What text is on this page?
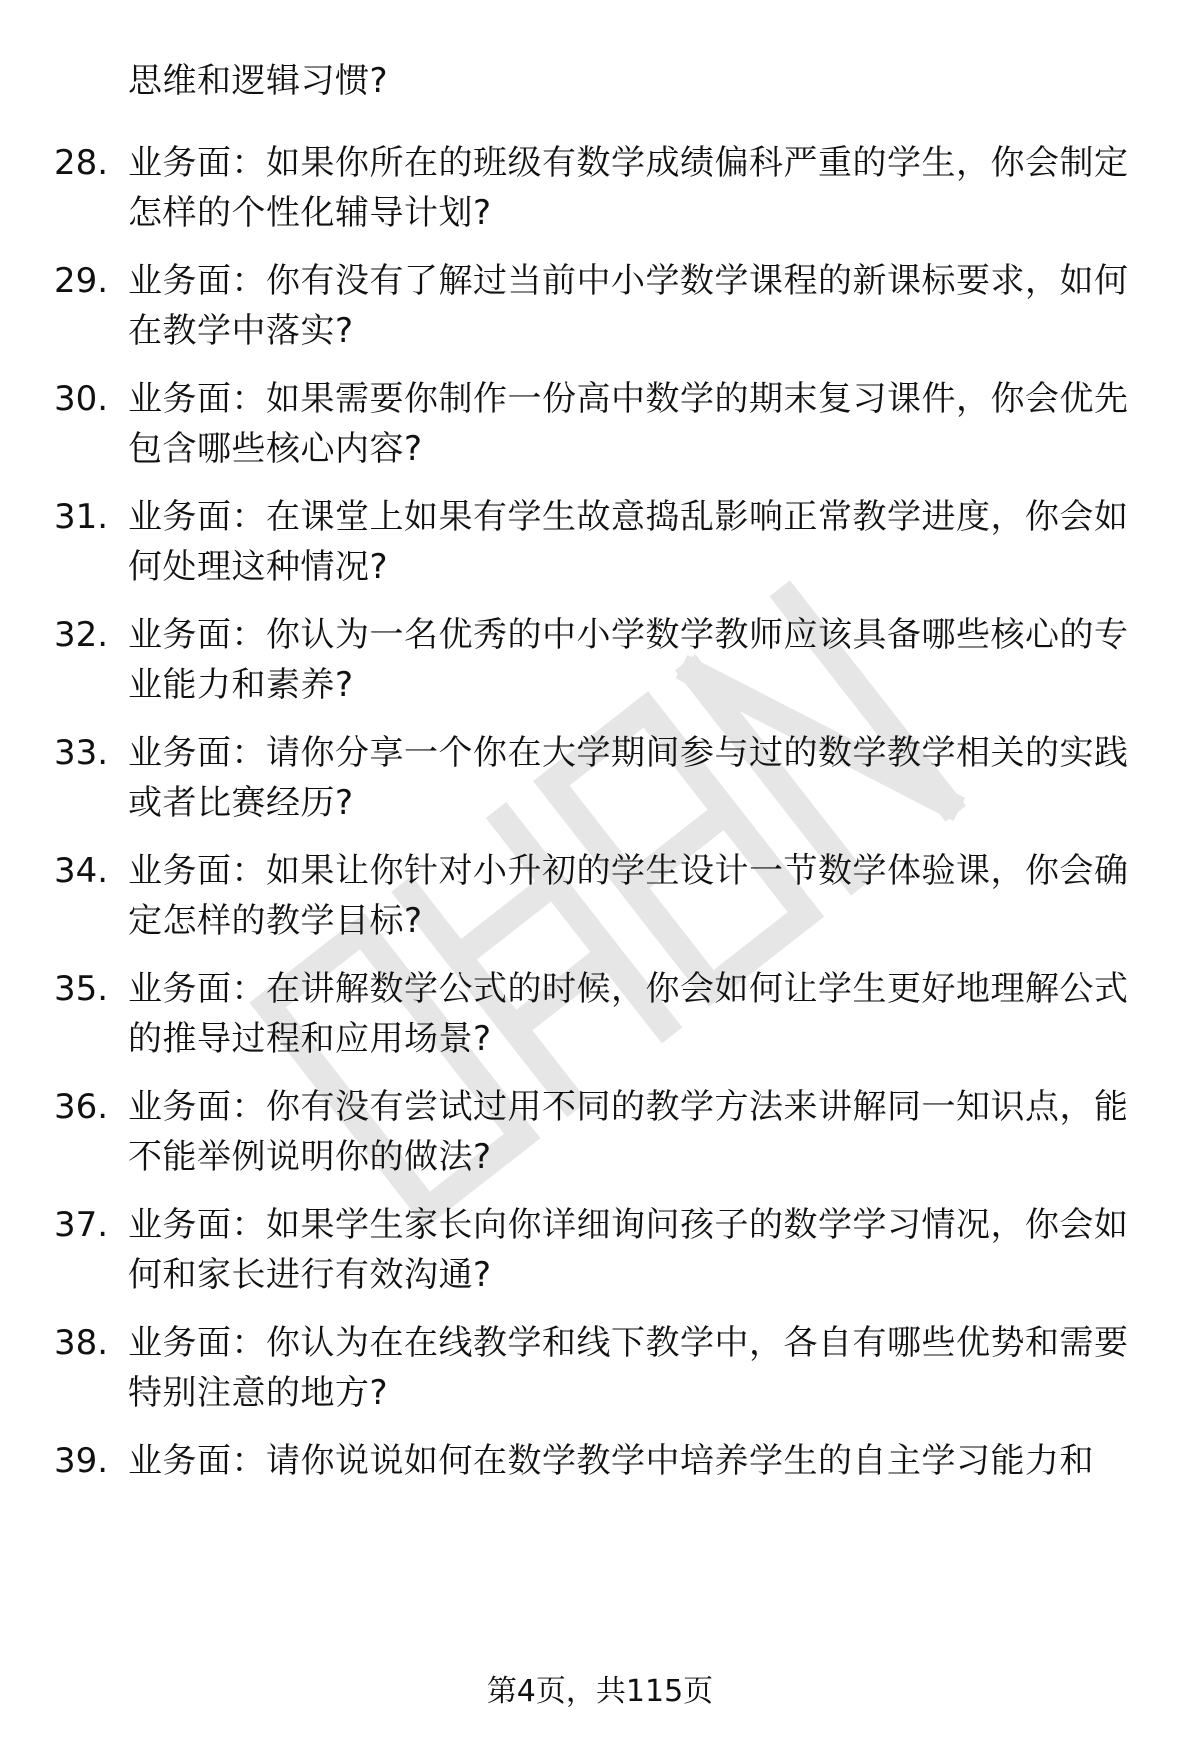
思维和逻辑习惯?
28. 业务面：如果你所在的班级有数学成绩偏科严重的学生，你会制定怎样的个性化辅导计划?
29. 业务面：你有没有了解过当前中小学数学课程的新课标要求，如何在教学中落实?
30. 业务面：如果需要你制作一份高中数学的期末复习课件，你会优先包含哪些核心内容?
31. 业务面：在课堂上如果有学生故意捣乱影响正常教学进度，你会如何处理这种情况?
32. 业务面：你认为一名优秀的中小学数学教师应该具备哪些核心的专业能力和素养?
33. 业务面：请你分享一个你在大学期间参与过的数学教学相关的实践或者比赛经历?
34. 业务面：如果让你针对小升初的学生设计一节数学体验课，你会确定怎样的教学目标?
35. 业务面：在讲解数学公式的时候，你会如何让学生更好地理解公式的推导过程和应用场景?
36. 业务面：你有没有尝试过用不同的教学方法来讲解同一知识点，能不能举例说明你的做法?
37. 业务面：如果学生家长向你详细询问孩子的数学学习情况，你会如何和家长进行有效沟通?
38. 业务面：你认为在在线教学和线下教学中，各自有哪些优势和需要特别注意的地方?
39. 业务面：请你说说如何在数学教学中培养学生的自主学习能力和
第4页，共115页
